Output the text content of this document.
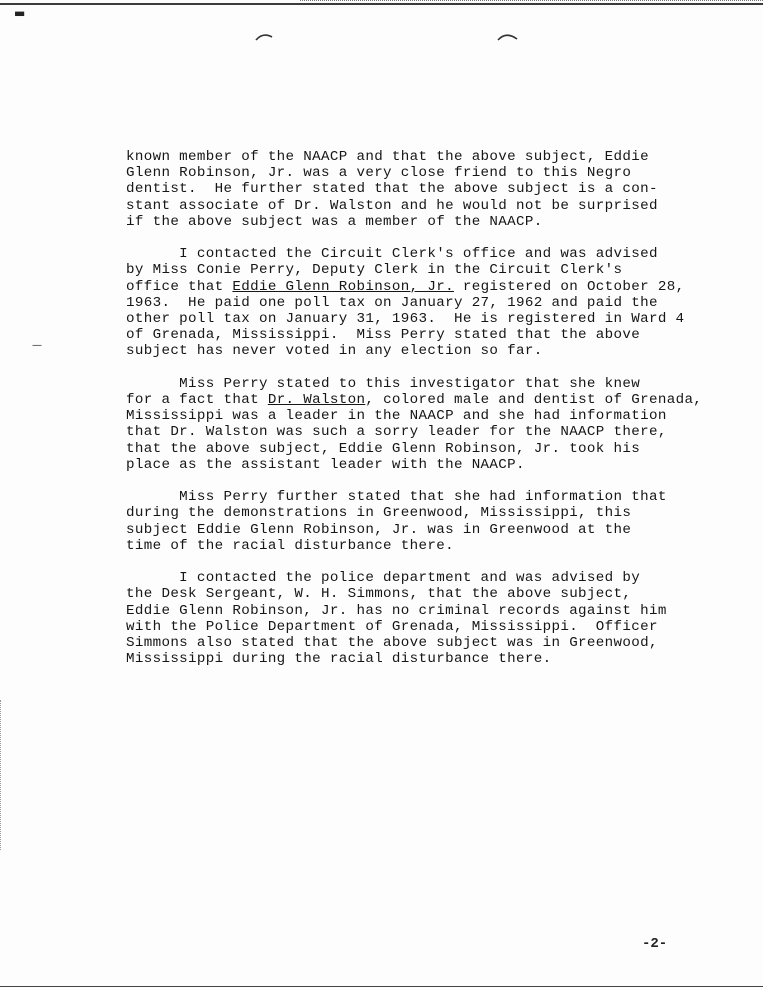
▬
—
known member of the NAACP and that the above subject, Eddie
Glenn Robinson, Jr. was a very close friend to this Negro
dentist.  He further stated that the above subject is a con-
stant associate of Dr. Walston and he would not be surprised
if the above subject was a member of the NAACP.
I contacted the Circuit Clerk's office and was advised
by Miss Conie Perry, Deputy Clerk in the Circuit Clerk's
office that Eddie Glenn Robinson, Jr. registered on October 28,
1963.  He paid one poll tax on January 27, 1962 and paid the
other poll tax on January 31, 1963.  He is registered in Ward 4
of Grenada, Mississippi.  Miss Perry stated that the above
subject has never voted in any election so far.
Miss Perry stated to this investigator that she knew
for a fact that Dr. Walston, colored male and dentist of Grenada,
Mississippi was a leader in the NAACP and she had information
that Dr. Walston was such a sorry leader for the NAACP there,
that the above subject, Eddie Glenn Robinson, Jr. took his
place as the assistant leader with the NAACP.
Miss Perry further stated that she had information that
during the demonstrations in Greenwood, Mississippi, this
subject Eddie Glenn Robinson, Jr. was in Greenwood at the
time of the racial disturbance there.
I contacted the police department and was advised by
the Desk Sergeant, W. H. Simmons, that the above subject,
Eddie Glenn Robinson, Jr. has no criminal records against him
with the Police Department of Grenada, Mississippi.  Officer
Simmons also stated that the above subject was in Greenwood,
Mississippi during the racial disturbance there.
-2-
